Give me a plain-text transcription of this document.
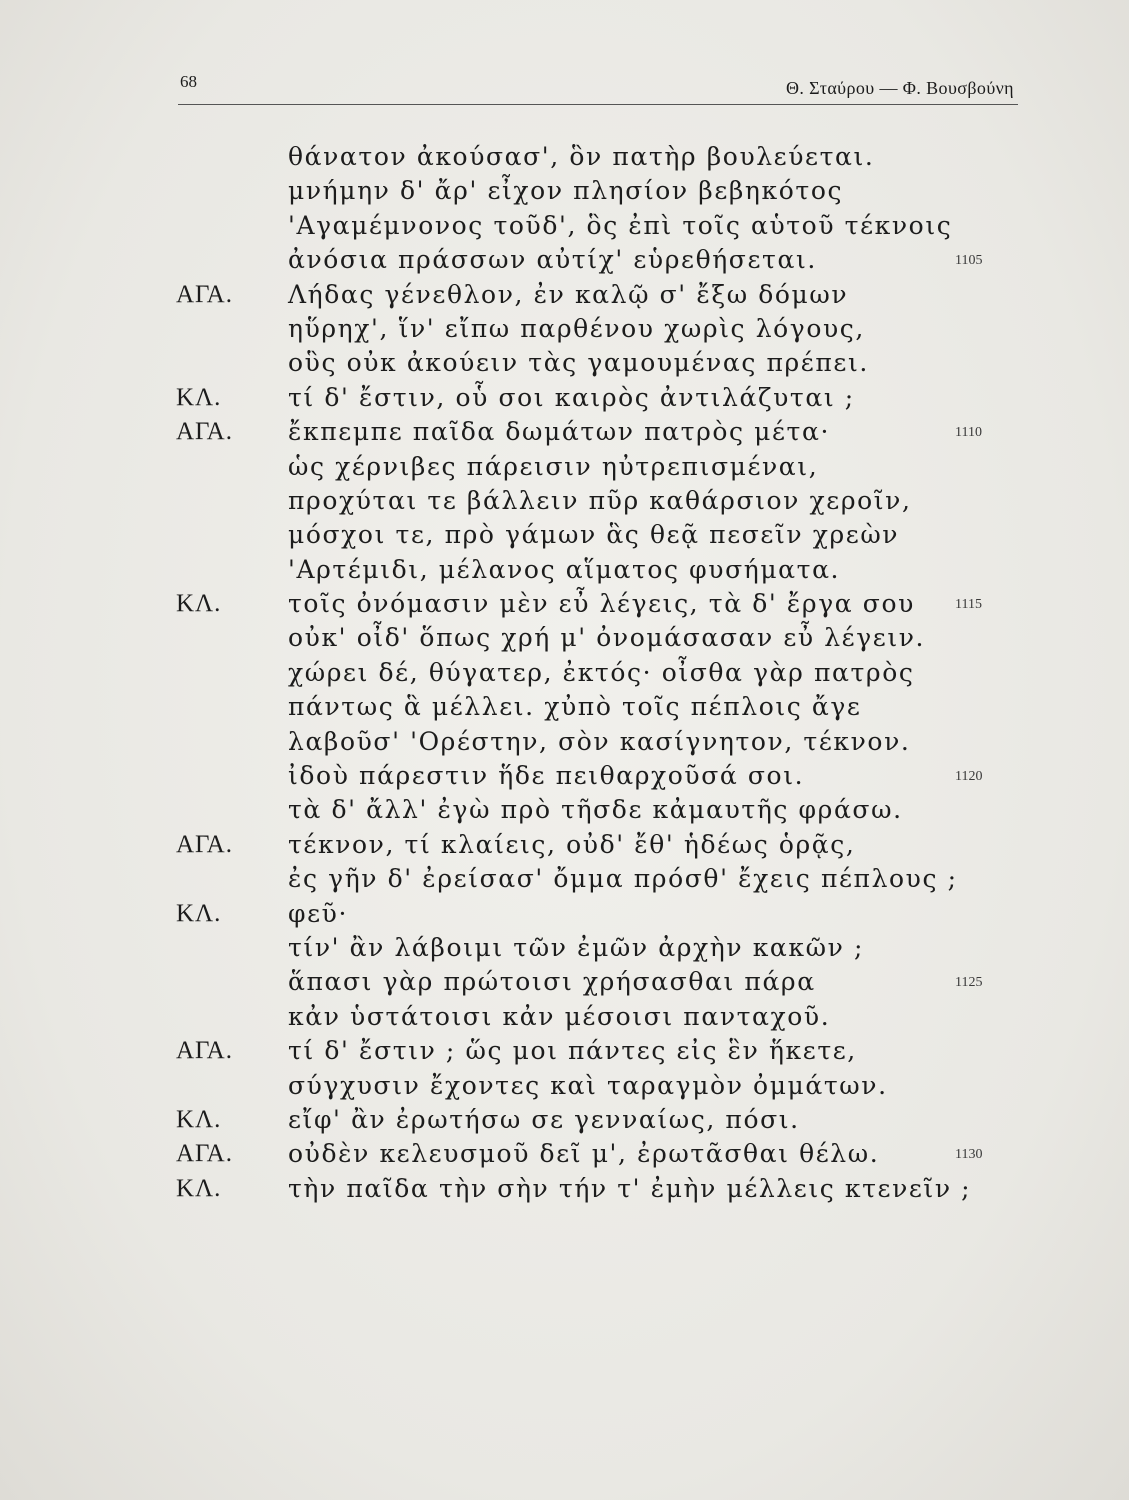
68	Θ. Σταύρου — Φ. Βουσβούνη
θάνατον ἀκούσασ', ὃν πατὴρ βουλεύεται.
μνήμην δ' ἄρ' εἶχον πλησίον βεβηκότος
'Αγαμέμνονος τοῦδ', ὃς ἐπὶ τοῖς αὑτοῦ τέκνοις
ἀνόσια πράσσων αὐτίχ' εὑρεθήσεται.	1105
ΑΓΑ. Λήδας γένεθλον, ἐν καλῷ σ' ἔξω δόμων
ηὕρηχ', ἵν' εἴπω παρθένου χωρὶς λόγους,
οὓς οὐκ ἀκούειν τὰς γαμουμένας πρέπει.
ΚΛ.	τί δ' ἔστιν, οὗ σοι καιρὸς ἀντιλάζυται ;
ΑΓΑ. ἔκπεμπε παῖδα δωμάτων πατρὸς μέτα·	1110
ὡς χέρνιβες πάρεισιν ηὐτρεπισμέναι,
προχύται τε βάλλειν πῦρ καθάρσιον χεροῖν,
μόσχοι τε, πρὸ γάμων ἃς θεᾷ πεσεῖν χρεὼν
'Αρτέμιδι, μέλανος αἵματος φυσήματα.
ΚΛ.	τοῖς ὀνόμασιν μὲν εὖ λέγεις, τὰ δ' ἔργα σου	1115
οὐκ' οἶδ' ὅπως χρή μ' ὀνομάσασαν εὖ λέγειν.
χώρει δέ, θύγατερ, ἐκτός· οἶσθα γὰρ πατρὸς
πάντως ἃ μέλλει. χὐπὸ τοῖς πέπλοις ἄγε
λαβοῦσ' 'Ορέστην, σὸν κασίγνητον, τέκνον.
ἰδοὺ πάρεστιν ἥδε πειθαρχοῦσά σοι.	1120
τὰ δ' ἄλλ' ἐγὼ πρὸ τῆσδε κἀμαυτῆς φράσω.
ΑΓΑ. τέκνον, τί κλαίεις, οὐδ' ἔθ' ἡδέως ὁρᾷς,
ἐς γῆν δ' ἐρείσασ' ὄμμα πρόσθ' ἔχεις πέπλους ;
ΚΛ.	φεῦ·
τίν' ἂν λάβοιμι τῶν ἐμῶν ἀρχὴν κακῶν ;
ἅπασι γὰρ πρώτοισι χρήσασθαι πάρα	1125
κἀν ὑστάτοισι κἀν μέσοισι πανταχοῦ.
ΑΓΑ. τί δ' ἔστιν ; ὥς μοι πάντες εἰς ἓν ἥκετε,
σύγχυσιν ἔχοντες καὶ ταραγμὸν ὀμμάτων.
ΚΛ.	εἴφ' ἂν ἐρωτήσω σε γενναίως, πόσι.
ΑΓΑ. οὐδὲν κελευσμοῦ δεῖ μ', ἐρωτᾶσθαι θέλω.	1130
ΚΛ.	τὴν παῖδα τὴν σὴν τήν τ' ἐμὴν μέλλεις κτενεῖν ;
